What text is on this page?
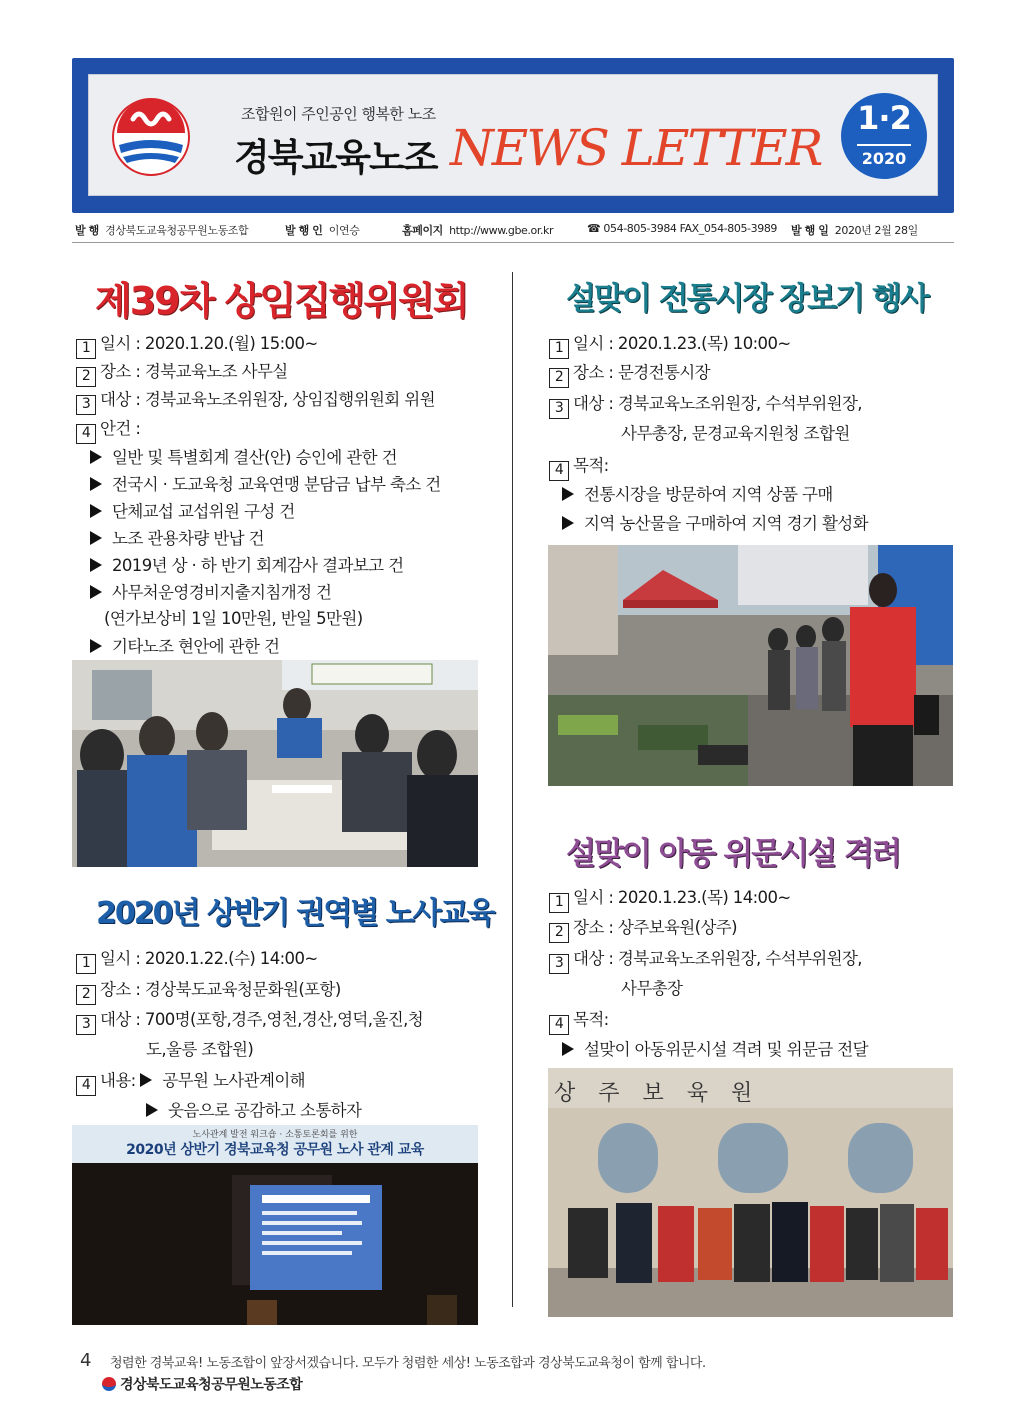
조합원이 주인공인 행복한 노조
경북교육노조 NEWS LETTER
1·2
2020
발 행 경상북도교육청공무원노동조합	발 행 인 이연승	홈페이지 http://www.gbe.or.kr	☎ 054-805-3984 FAX_054-805-3989 발 행 일 2020년 2월 28일
제39차 상임집행위원회
1 일시 : 2020.1.20.(월) 15:00~
2 장소 : 경북교육노조 사무실
3 대상 : 경북교육노조위원장, 상임집행위원회 위원
4 안건 :
일반 및 특별회계 결산(안) 승인에 관한 건
전국시 · 도교육청 교육연맹 분담금 납부 축소 건
단체교섭 교섭위원 구성 건
노조 관용차량 반납 건
2019년 상 · 하 반기 회계감사 결과보고 건
사무처운영경비지출지침개정 건
(연가보상비 1일 10만원, 반일 5만원)
기타노조 현안에 관한 건
2020년 상반기 권역별 노사교육
1 일시 : 2020.1.22.(수) 14:00~
2 장소 : 경상북도교육청문화원(포항)
3 대상 : 700명(포항,경주,영천,경산,영덕,울진,청
도,울릉 조합원)
4 내용: 공무원 노사관계이해
웃음으로 공감하고 소통하자
노사관계 발전 워크숍 · 소통토론회를 위한
2020년 상반기 경북교육청 공무원 노사 관계 교육
설맞이 전통시장 장보기 행사
1 일시 : 2020.1.23.(목) 10:00~
2 장소 : 문경전통시장
3 대상 : 경북교육노조위원장, 수석부위원장,
사무총장, 문경교육지원청 조합원
4 목적:
전통시장을 방문하여 지역 상품 구매
지역 농산물을 구매하여 지역 경기 활성화
설맞이 아동 위문시설 격려
1 일시 : 2020.1.23.(목) 14:00~
2 장소 : 상주보육원(상주)
3 대상 : 경북교육노조위원장, 수석부위원장,
사무총장
4 목적:
설맞이 아동위문시설 격려 및 위문금 전달
상 주 보 육 원
4 청렴한 경북교육! 노동조합이 앞장서겠습니다. 모두가 청렴한 세상! 노동조합과 경상북도교육청이 함께 합니다.
경상북도교육청공무원노동조합
